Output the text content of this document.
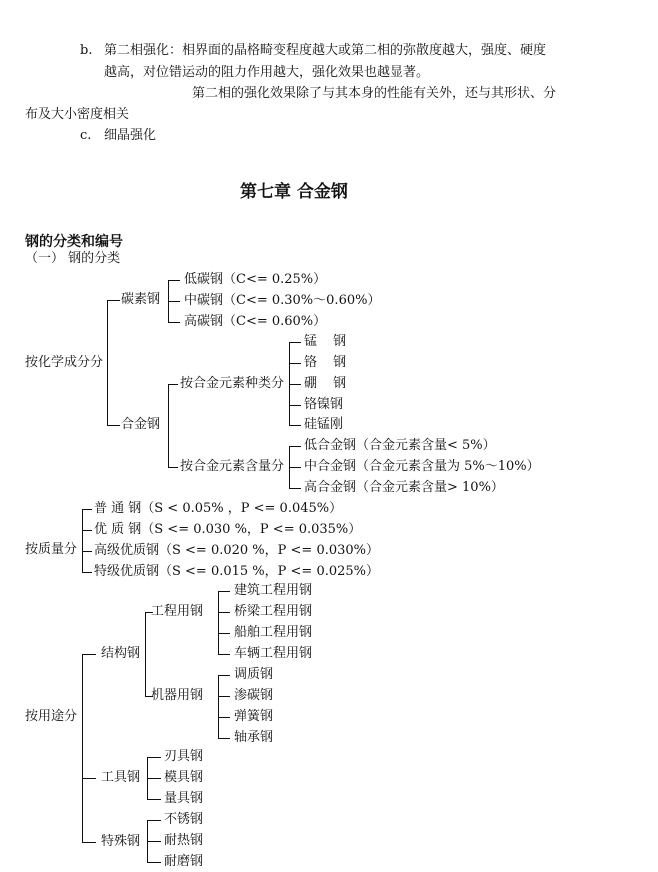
b. 第二相强化：相界面的晶格畸变程度越大或第二相的弥散度越大，强度、硬度
越高，对位错运动的阻力作用越大，强化效果也越显著。
第二相的强化效果除了与其本身的性能有关外，还与其形状、分
布及大小密度相关
c. 细晶强化
第七章 合金钢
钢的分类和编号
（一） 钢的分类
按化学成分分
碳素钢
低碳钢（C<= 0.25%）
中碳钢（C<= 0.30%～0.60%）
高碳钢（C<= 0.60%）
合金钢
按合金元素种类分
锰 钢
铬 钢
硼 钢
铬镍钢
硅锰刚
按合金元素含量分
低合金钢（合金元素含量< 5%）
中合金钢（合金元素含量为 5%～10%）
高合金钢（合金元素含量> 10%）
按质量分
普 通 钢（S < 0.05% ，P <= 0.045%）
优 质 钢（S <= 0.030 %，P <= 0.035%）
高级优质钢（S <= 0.020 %，P <= 0.030%）
特级优质钢（S <= 0.015 %，P <= 0.025%）
按用途分
结构钢
工程用钢
建筑工程用钢
桥梁工程用钢
船舶工程用钢
车辆工程用钢
机器用钢
调质钢
渗碳钢
弹簧钢
轴承钢
工具钢
刃具钢
模具钢
量具钢
特殊钢
不锈钢
耐热钢
耐磨钢
